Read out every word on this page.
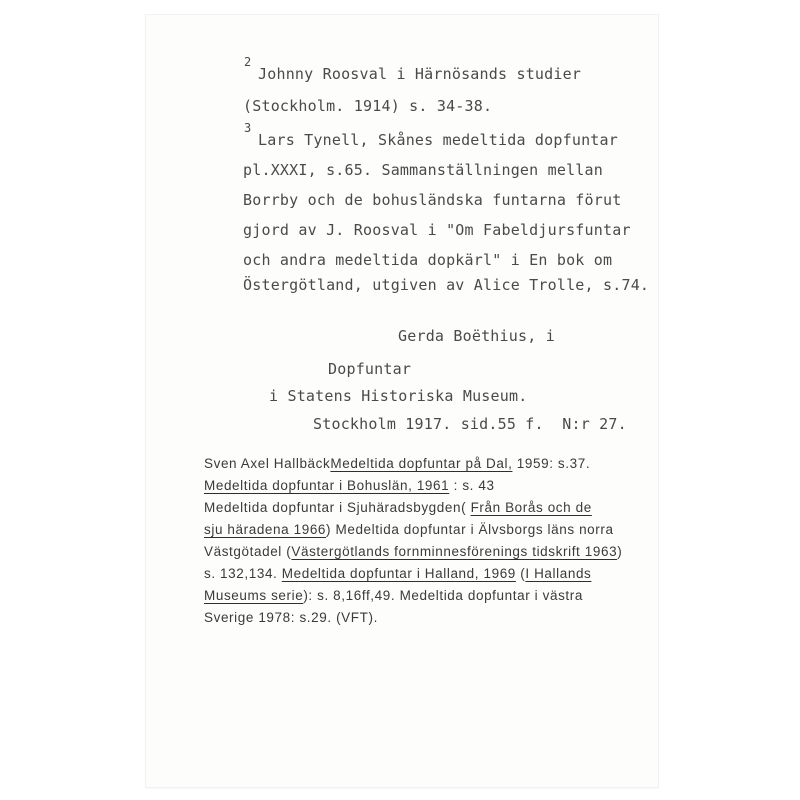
2
Johnny Roosval i Härnösands studier
(Stockholm. 1914) s. 34-38.
3
Lars Tynell, Skånes medeltida dopfuntar
pl.XXXI, s.65. Sammanställningen mellan
Borrby och de bohusländska funtarna förut
gjord av J. Roosval i "Om Fabeldjursfuntar
och andra medeltida dopkärl" i En bok om
Östergötland, utgiven av Alice Trolle, s.74.
Gerda Boëthius, i
Dopfuntar
i Statens Historiska Museum.
Stockholm 1917. sid.55 f.  N:r 27.
Sven Axel HallbäckMedeltida dopfuntar på Dal, 1959: s.37.
Medeltida dopfuntar i Bohuslän, 1961 : s. 43
Medeltida dopfuntar i Sjuhäradsbygden( Från Borås och de
sju häradena 1966) Medeltida dopfuntar i Älvsborgs läns norra
Västgötadel (Västergötlands fornminnesförenings tidskrift 1963)
s. 132,134. Medeltida dopfuntar i Halland, 1969 (I Hallands
Museums serie): s. 8,16ff,49. Medeltida dopfuntar i västra
Sverige 1978: s.29. (VFT).
